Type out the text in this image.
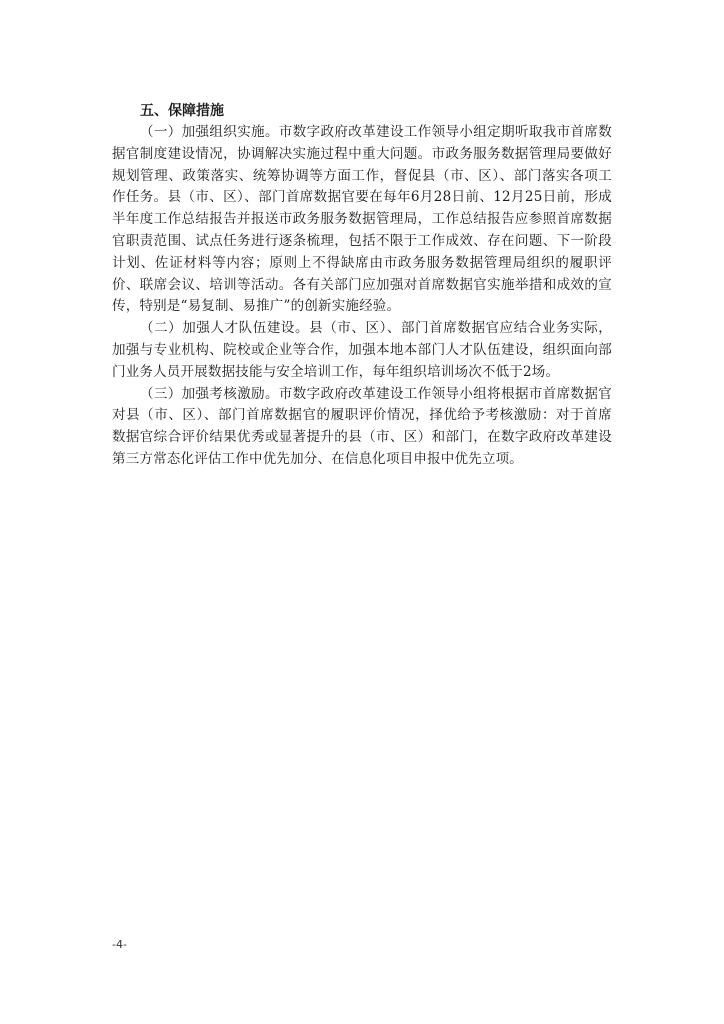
五、保障措施

（一）加强组织实施。市数字政府改革建设工作领导小组定期听取我市首席数据官制度建设情况，协调解决实施过程中重大问题。市政务服务数据管理局要做好规划管理、政策落实、统筹协调等方面工作，督促县（市、区）、部门落实各项工作任务。县（市、区）、部门首席数据官要在每年6月28日前、12月25日前，形成半年度工作总结报告并报送市政务服务数据管理局，工作总结报告应参照首席数据官职责范围、试点任务进行逐条梳理，包括不限于工作成效、存在问题、下一阶段计划、佐证材料等内容；原则上不得缺席由市政务服务数据管理局组织的履职评价、联席会议、培训等活动。各有关部门应加强对首席数据官实施举措和成效的宣传，特别是“易复制、易推广”的创新实施经验。

（二）加强人才队伍建设。县（市、区）、部门首席数据官应结合业务实际，加强与专业机构、院校或企业等合作，加强本地本部门人才队伍建设，组织面向部门业务人员开展数据技能与安全培训工作，每年组织培训场次不低于2场。

（三）加强考核激励。市数字政府改革建设工作领导小组将根据市首席数据官对县（市、区）、部门首席数据官的履职评价情况，择优给予考核激励：对于首席数据官综合评价结果优秀或显著提升的县（市、区）和部门，在数字政府改革建设第三方常态化评估工作中优先加分、在信息化项目申报中优先立项。

-4-
